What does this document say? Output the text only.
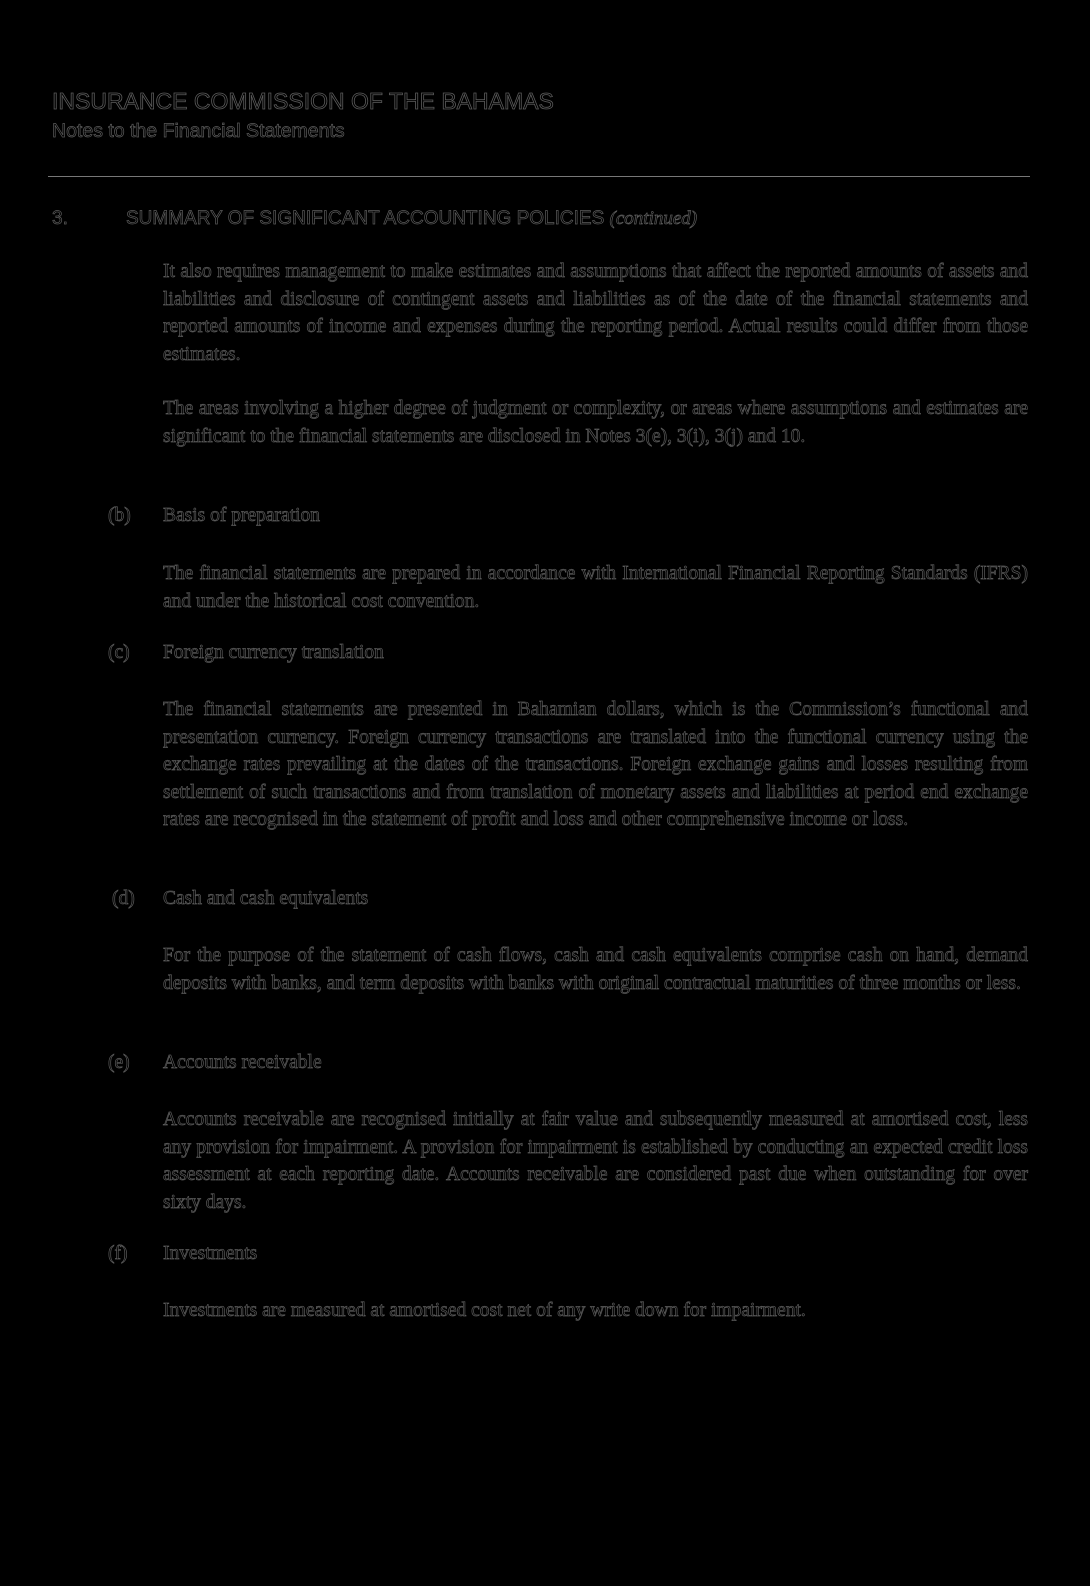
INSURANCE COMMISSION OF THE BAHAMAS
Notes to the Financial Statements
3.	SUMMARY OF SIGNIFICANT ACCOUNTING POLICIES (continued)

It also requires management to make estimates and assumptions that affect the reported amounts of assets and liabilities and disclosure of contingent assets and liabilities as of the date of the financial statements and reported amounts of income and expenses during the reporting period. Actual results could differ from those estimates.

The areas involving a higher degree of judgment or complexity, or areas where assumptions and estimates are significant to the financial statements are disclosed in Notes 3(e), 3(i), 3(j) and 10.

(b) Basis of preparation

The financial statements are prepared in accordance with International Financial Reporting Standards (IFRS) and under the historical cost convention.

(c) Foreign currency translation

The financial statements are presented in Bahamian dollars, which is the Commission’s functional and presentation currency. Foreign currency transactions are translated into the functional currency using the exchange rates prevailing at the dates of the transactions. Foreign exchange gains and losses resulting from settlement of such transactions and from translation of monetary assets and liabilities at period end exchange rates are recognised in the statement of profit and loss and other comprehensive income or loss.

(d) Cash and cash equivalents

For the purpose of the statement of cash flows, cash and cash equivalents comprise cash on hand, demand deposits with banks, and term deposits with banks with original contractual maturities of three months or less.

(e) Accounts receivable

Accounts receivable are recognised initially at fair value and subsequently measured at amortised cost, less any provision for impairment. A provision for impairment is established by conducting an expected credit loss assessment at each reporting date. Accounts receivable are considered past due when outstanding for over sixty days.

(f) Investments

Investments are measured at amortised cost net of any write down for impairment.
